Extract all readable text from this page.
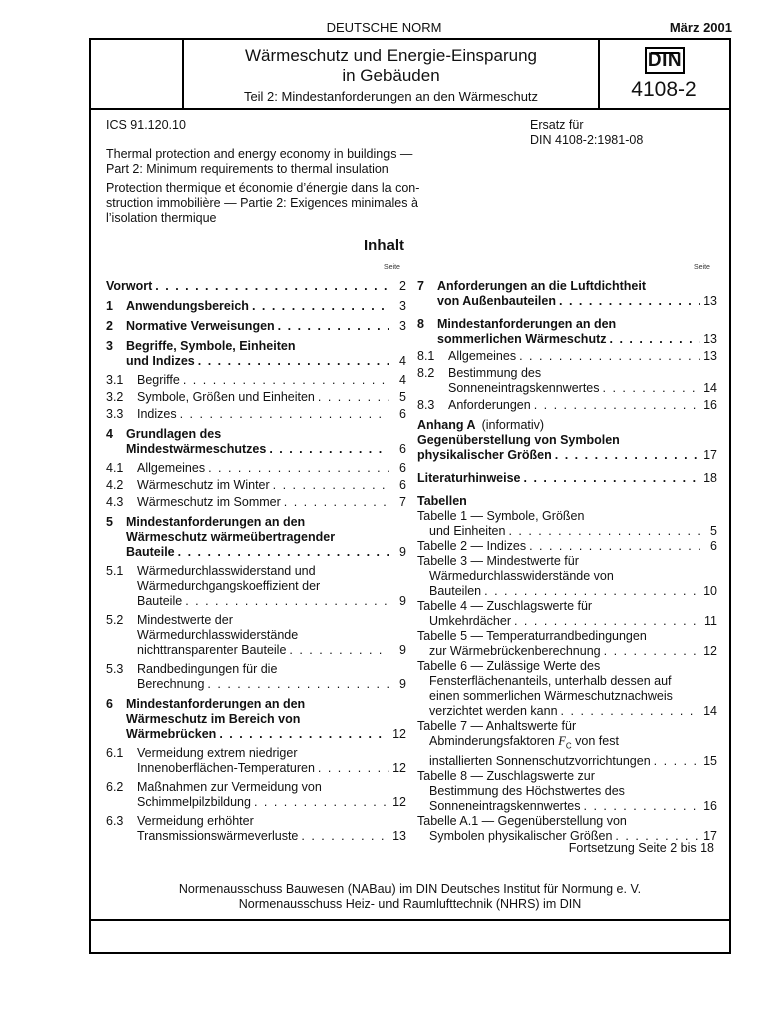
DEUTSCHE NORM	März 2001
Wärmeschutz und Energie-Einsparung
in Gebäuden
Teil 2: Mindestanforderungen an den Wärmeschutz
DIN
4108-2
ICS 91.120.10	Ersatz für
DIN 4108-2:1981-08
Thermal protection and energy economy in buildings —
Part 2: Minimum requirements to thermal insulation
Protection thermique et économie d’énergie dans la con-
struction immobilière — Partie 2: Exigences minimales à
l’isolation thermique
Inhalt
Seite	Seite
Vorwort . . .	2
1	Anwendungsbereich . . .	3
2	Normative Verweisungen . . .	3
3	Begriffe, Symbole, Einheiten
und Indizes . . .	4
3.1	Begriffe . . .	4
3.2	Symbole, Größen und Einheiten . . .	5
3.3	Indizes . . .	6
4	Grundlagen des
Mindestwärmeschutzes . . .	6
4.1	Allgemeines . . .	6
4.2	Wärmeschutz im Winter . . .	6
4.3	Wärmeschutz im Sommer . . .	7
5	Mindestanforderungen an den
Wärmeschutz wärmeübertragender
Bauteile . . .	9
5.1	Wärmedurchlasswiderstand und
Wärmedurchgangskoeffizient der
Bauteile . . .	9
5.2	Mindestwerte der
Wärmedurchlasswiderstände
nichttransparenter Bauteile . . .	9
5.3	Randbedingungen für die
Berechnung . . .	9
6	Mindestanforderungen an den
Wärmeschutz im Bereich von
Wärmebrücken . . .	12
6.1	Vermeidung extrem niedriger
Innenoberflächen-Temperaturen . . .	12
6.2	Maßnahmen zur Vermeidung von
Schimmelpilzbildung . . .	12
6.3	Vermeidung erhöhter
Transmissionswärmeverluste . . .	13
7	Anforderungen an die Luftdichtheit
von Außenbauteilen . . .	13
8	Mindestanforderungen an den
sommerlichen Wärmeschutz . . .	13
8.1	Allgemeines . . .	13
8.2	Bestimmung des
Sonneneintragskennwertes . . .	14
8.3	Anforderungen . . .	16
Anhang A (informativ)
Gegenüberstellung von Symbolen
physikalischer Größen . . .	17
Literaturhinweise . . .	18
Tabellen
Tabelle 1 — Symbole, Größen
und Einheiten . . .	5
Tabelle 2 — Indizes . . .	6
Tabelle 3 — Mindestwerte für
Wärmedurchlasswiderstände von
Bauteilen . . .	10
Tabelle 4 — Zuschlagswerte für
Umkehrdächer . . .	11
Tabelle 5 — Temperaturrandbedingungen
zur Wärmebrückenberechnung . . .	12
Tabelle 6 — Zulässige Werte des
Fensterflächenanteils, unterhalb dessen auf
einen sommerlichen Wärmeschutznachweis
verzichtet werden kann . . .	14
Tabelle 7 — Anhaltswerte für
Abminderungsfaktoren $F_C$ von fest
installierten Sonnenschutzvorrichtungen . . .	15
Tabelle 8 — Zuschlagswerte zur
Bestimmung des Höchstwertes des
Sonneneintragskennwertes . . .	16
Tabelle A.1 — Gegenüberstellung von
Symbolen physikalischer Größen . . .	17
Fortsetzung Seite 2 bis 18
Normenausschuss Bauwesen (NABau) im DIN Deutsches Institut für Normung e. V.
Normenausschuss Heiz- und Raumlufttechnik (NHRS) im DIN
